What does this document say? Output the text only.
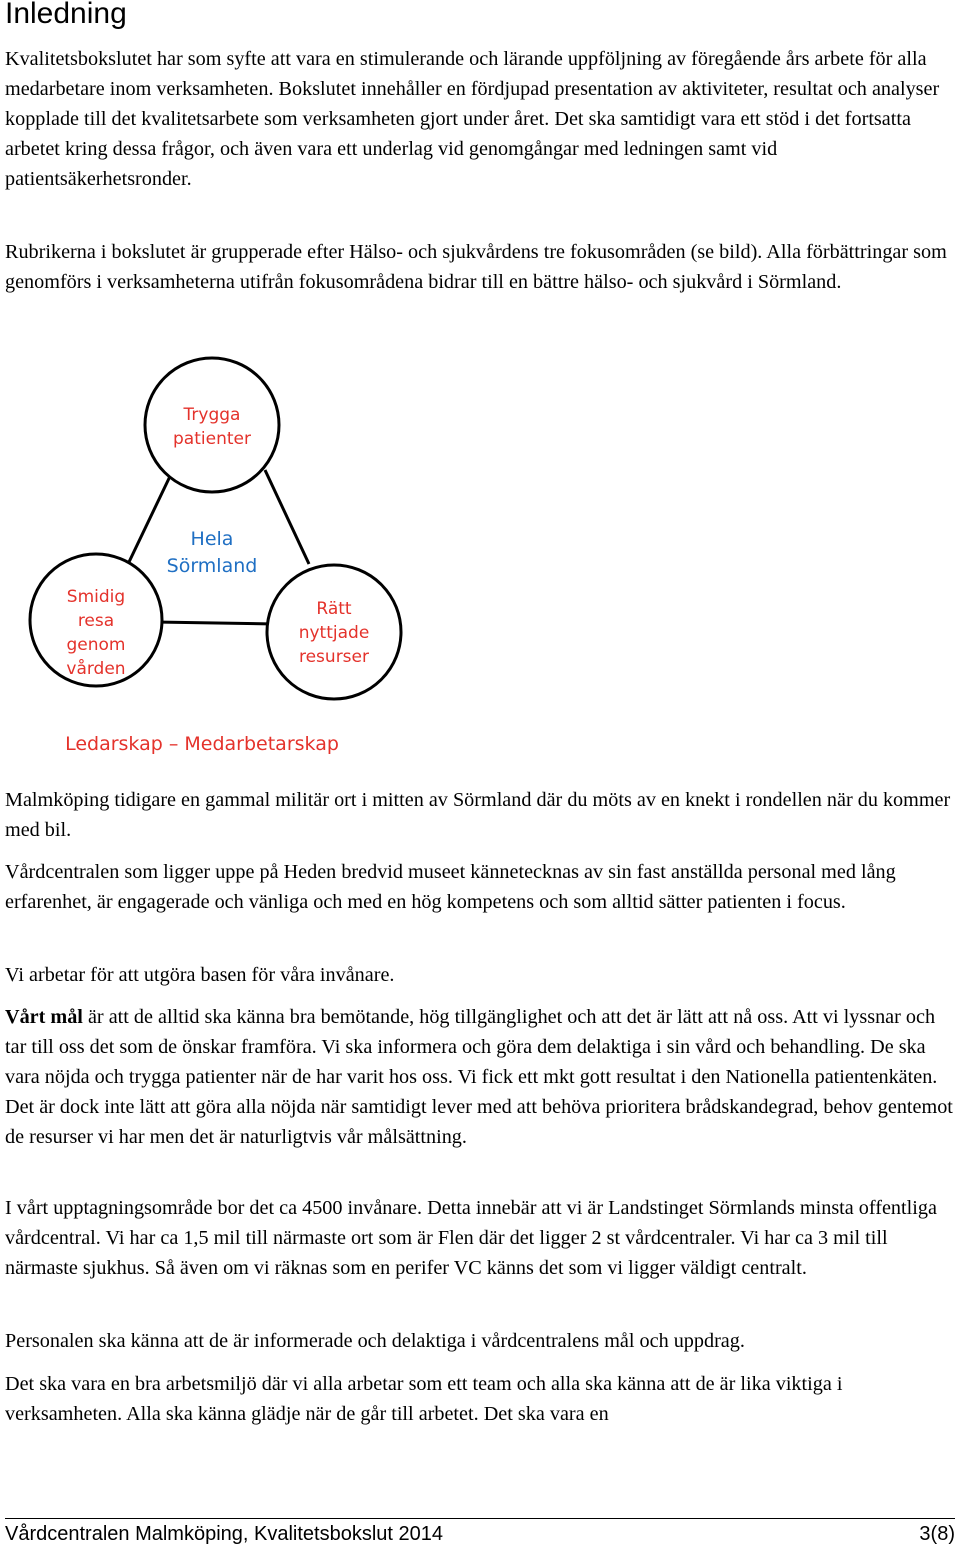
Inledning

Kvalitetsbokslutet har som syfte att vara en stimulerande och lärande uppföljning av föregående års arbete för alla medarbetare inom verksamheten. Bokslutet innehåller en fördjupad presentation av aktiviteter, resultat och analyser kopplade till det kvalitetsarbete som verksamheten gjort under året. Det ska samtidigt vara ett stöd i det fortsatta arbetet kring dessa frågor, och även vara ett underlag vid genomgångar med ledningen samt vid patientsäkerhetsronder.

Rubrikerna i bokslutet är grupperade efter Hälso- och sjukvårdens tre fokusområden (se bild). Alla förbättringar som genomförs i verksamheterna utifrån fokusområdena bidrar till en bättre hälso- och sjukvård i Sörmland.

Trygga
patienter
Hela
Sörmland
Smidig
resa
genom
vården
Rätt
nyttjade
resurser
Ledarskap – Medarbetarskap

Malmköping tidigare en gammal militär ort i mitten av Sörmland där du möts av en knekt i rondellen när du kommer med bil.

Vårdcentralen som ligger uppe på Heden bredvid museet kännetecknas av sin fast anställda personal med lång erfarenhet, är engagerade och vänliga och med en hög kompetens och som alltid sätter patienten i focus.

Vi arbetar för att utgöra basen för våra invånare.

Vårt mål är att de alltid ska känna bra bemötande, hög tillgänglighet och att det är lätt att nå oss. Att vi lyssnar och tar till oss det som de önskar framföra. Vi ska informera och göra dem delaktiga i sin vård och behandling. De ska vara nöjda och trygga patienter när de har varit hos oss. Vi fick ett mkt gott resultat i den Nationella patientenkäten. Det är dock inte lätt att göra alla nöjda när samtidigt lever med att behöva prioritera brådskandegrad, behov gentemot de resurser vi har men det är naturligtvis vår målsättning.

I vårt upptagningsområde bor det ca 4500 invånare. Detta innebär att vi är Landstinget Sörmlands minsta offentliga vårdcentral. Vi har ca 1,5 mil till närmaste ort som är Flen där det ligger 2 st vårdcentraler. Vi har ca 3 mil till närmaste sjukhus. Så även om vi räknas som en perifer VC känns det som vi ligger väldigt centralt.

Personalen ska känna att de är informerade och delaktiga i vårdcentralens mål och uppdrag.

Det ska vara en bra arbetsmiljö där vi alla arbetar som ett team och alla ska känna att de är lika viktiga i verksamheten. Alla ska känna glädje när de går till arbetet. Det ska vara en

Vårdcentralen Malmköping, Kvalitetsbokslut 2014	3(8)
